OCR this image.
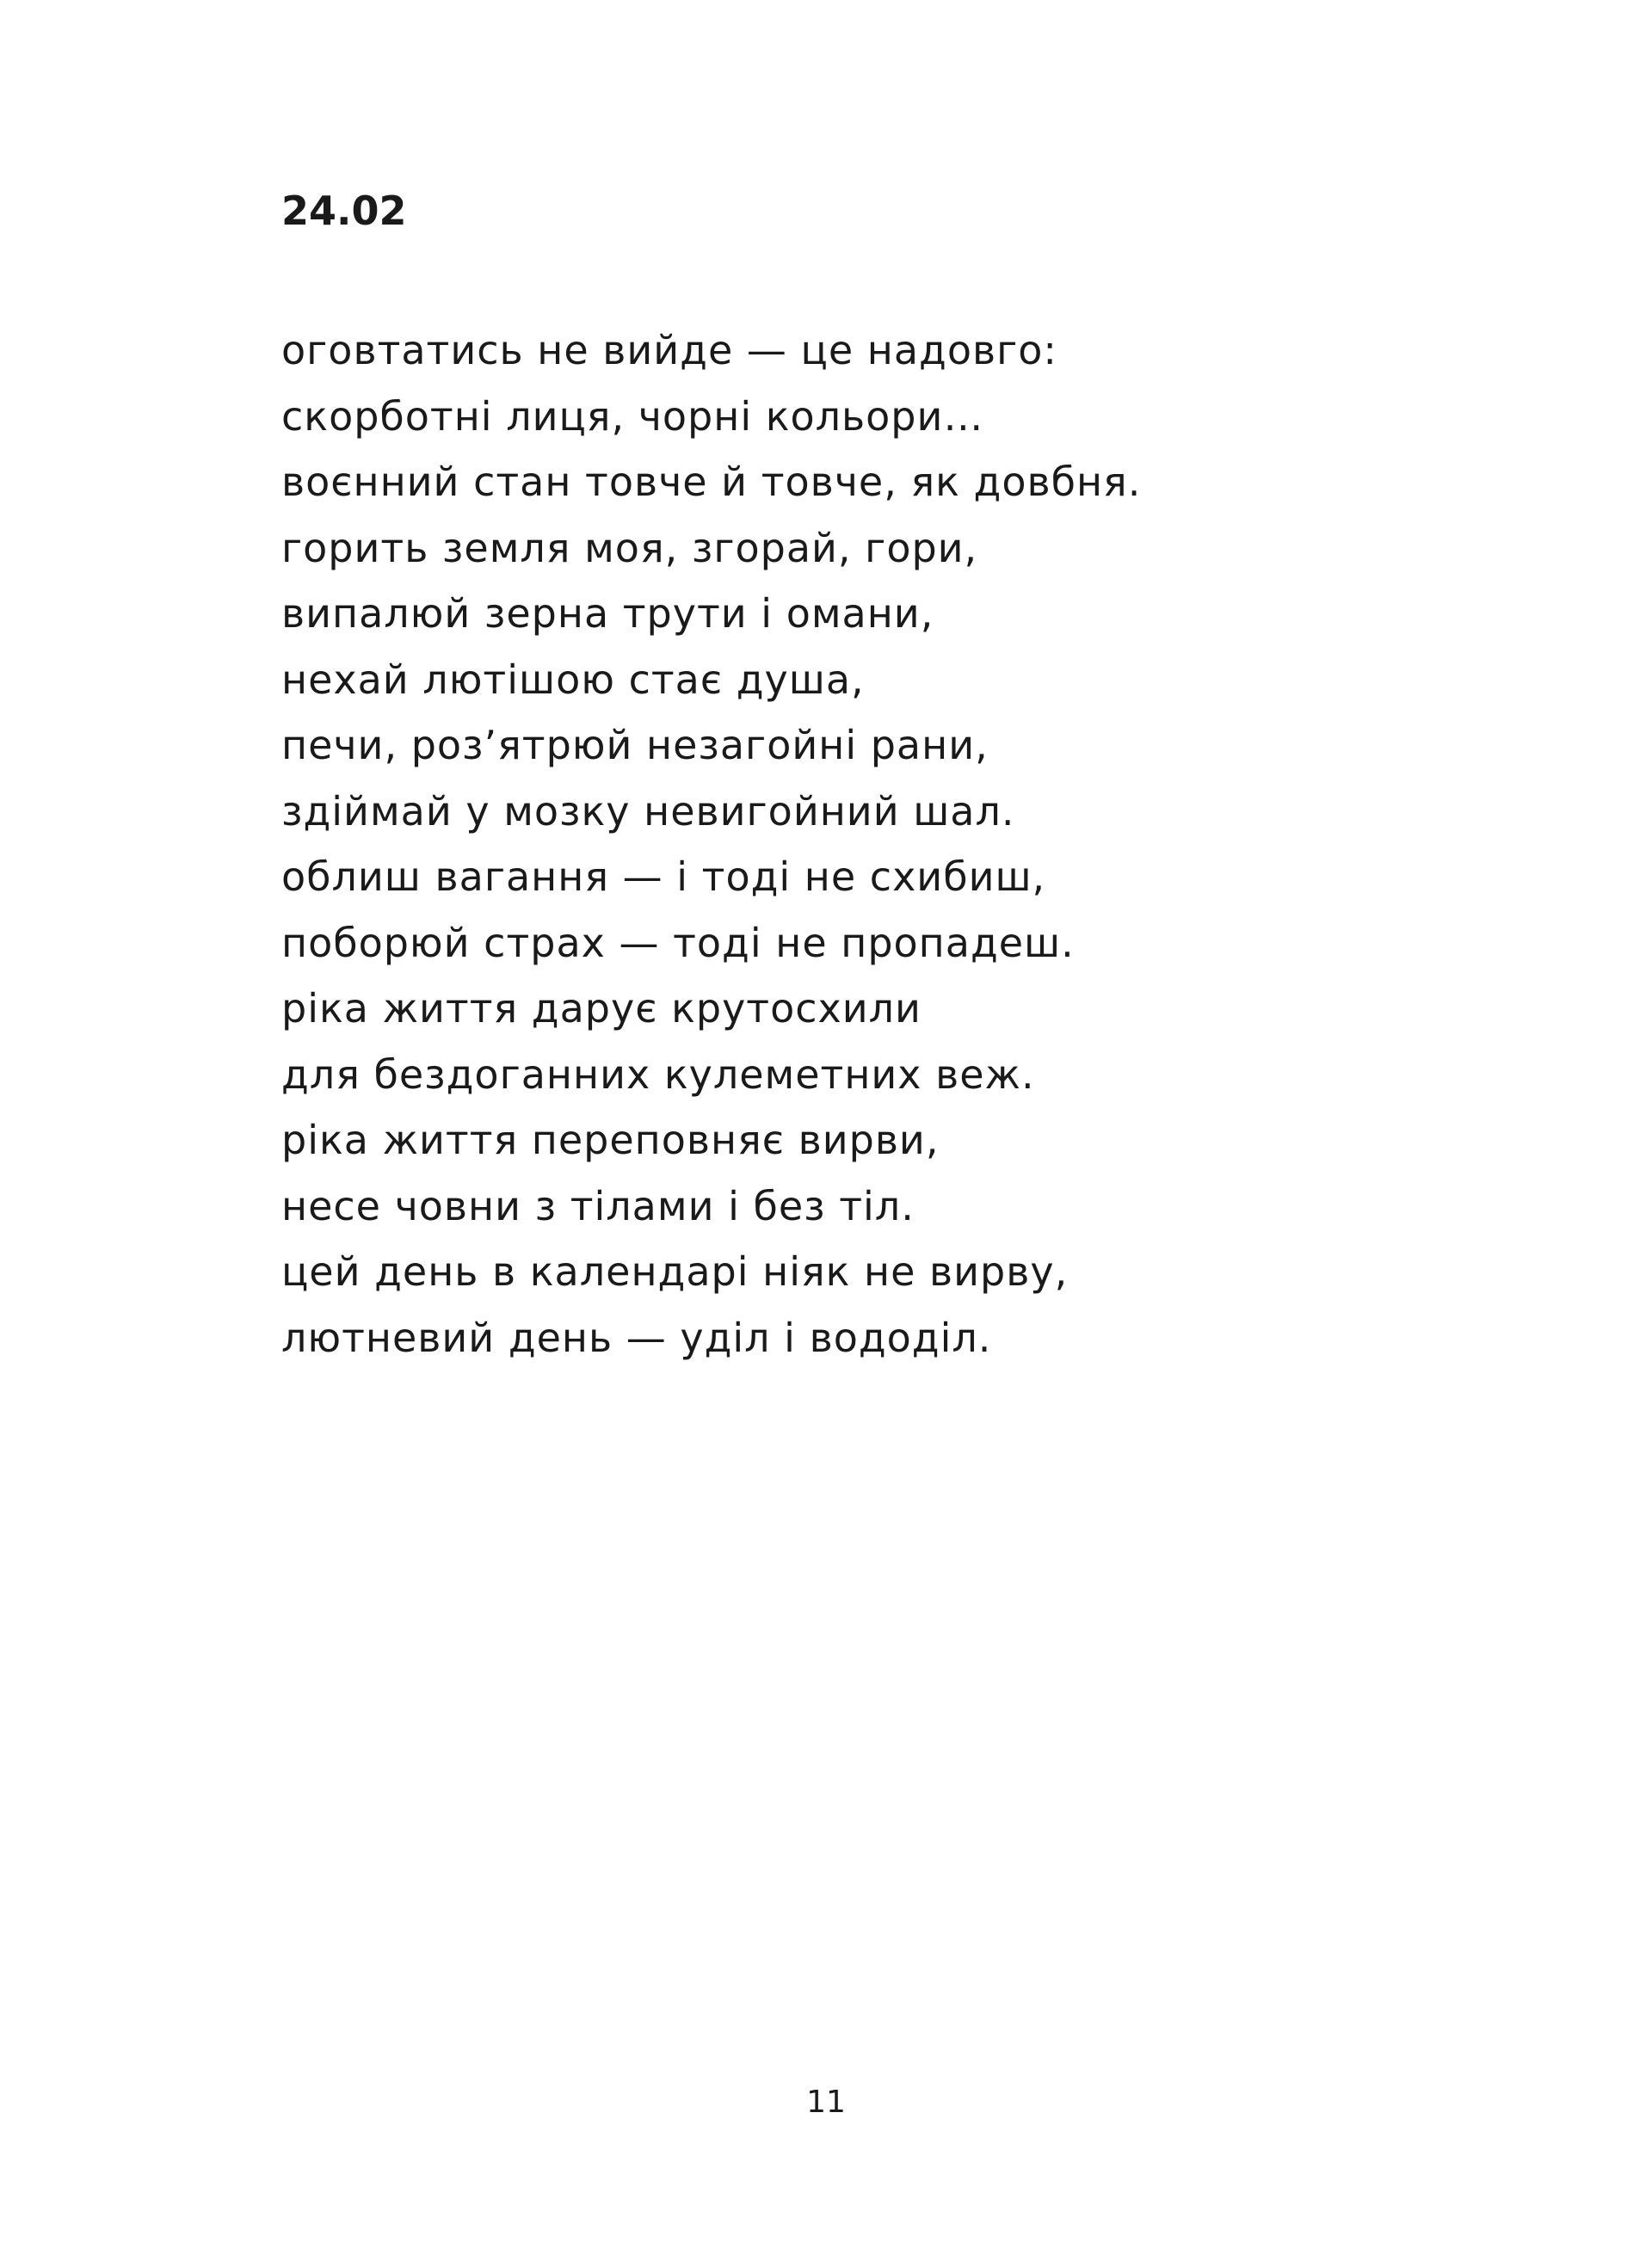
24.02
оговтатись не вийде — це надовго:
скорботні лиця, чорні кольори…
воєнний стан товче й товче, як довбня.
горить земля моя, згорай, гори,
випалюй зерна трути і омани,
нехай лютішою стає душа,
печи, роз’ятрюй незагойні рани,
здіймай у мозку невигойний шал.
облиш вагання — і тоді не схибиш,
поборюй страх — тоді не пропадеш.
ріка життя дарує крутосхили
для бездоганних кулеметних веж.
ріка життя переповняє вирви,
несе човни з тілами і без тіл.
цей день в календарі ніяк не вирву,
лютневий день — уділ і вододіл.
11
